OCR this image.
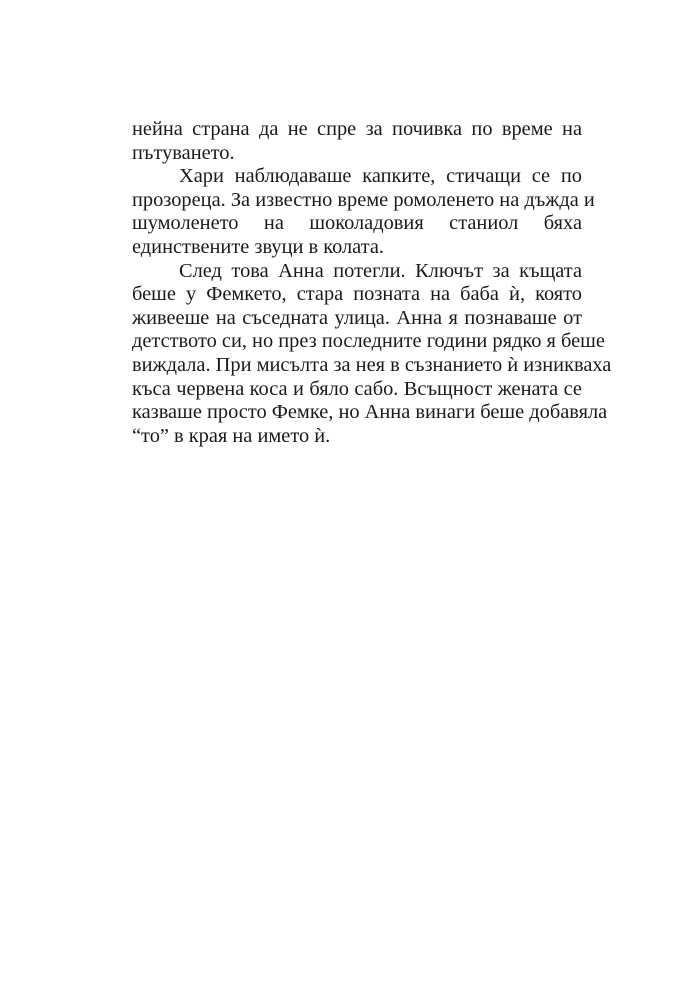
нейна страна да не спре за почивка по време на
пътуването.

Хари наблюдаваше капките, стичащи се по
прозореца. За известно време ромоленето на дъжда и
шумоленето на шоколадовия станиол бяха
единствените звуци в колата.

След това Анна потегли. Ключът за къщата
беше у Фемкето, стара позната на баба ѝ, която
живееше на съседната улица. Анна я познаваше от
детството си, но през последните години рядко я беше
виждала. При мисълта за нея в съзнанието ѝ изникваха
къса червена коса и бяло сабо. Всъщност жената се
казваше просто Фемке, но Анна винаги беше добавяла
“то” в края на името ѝ.
